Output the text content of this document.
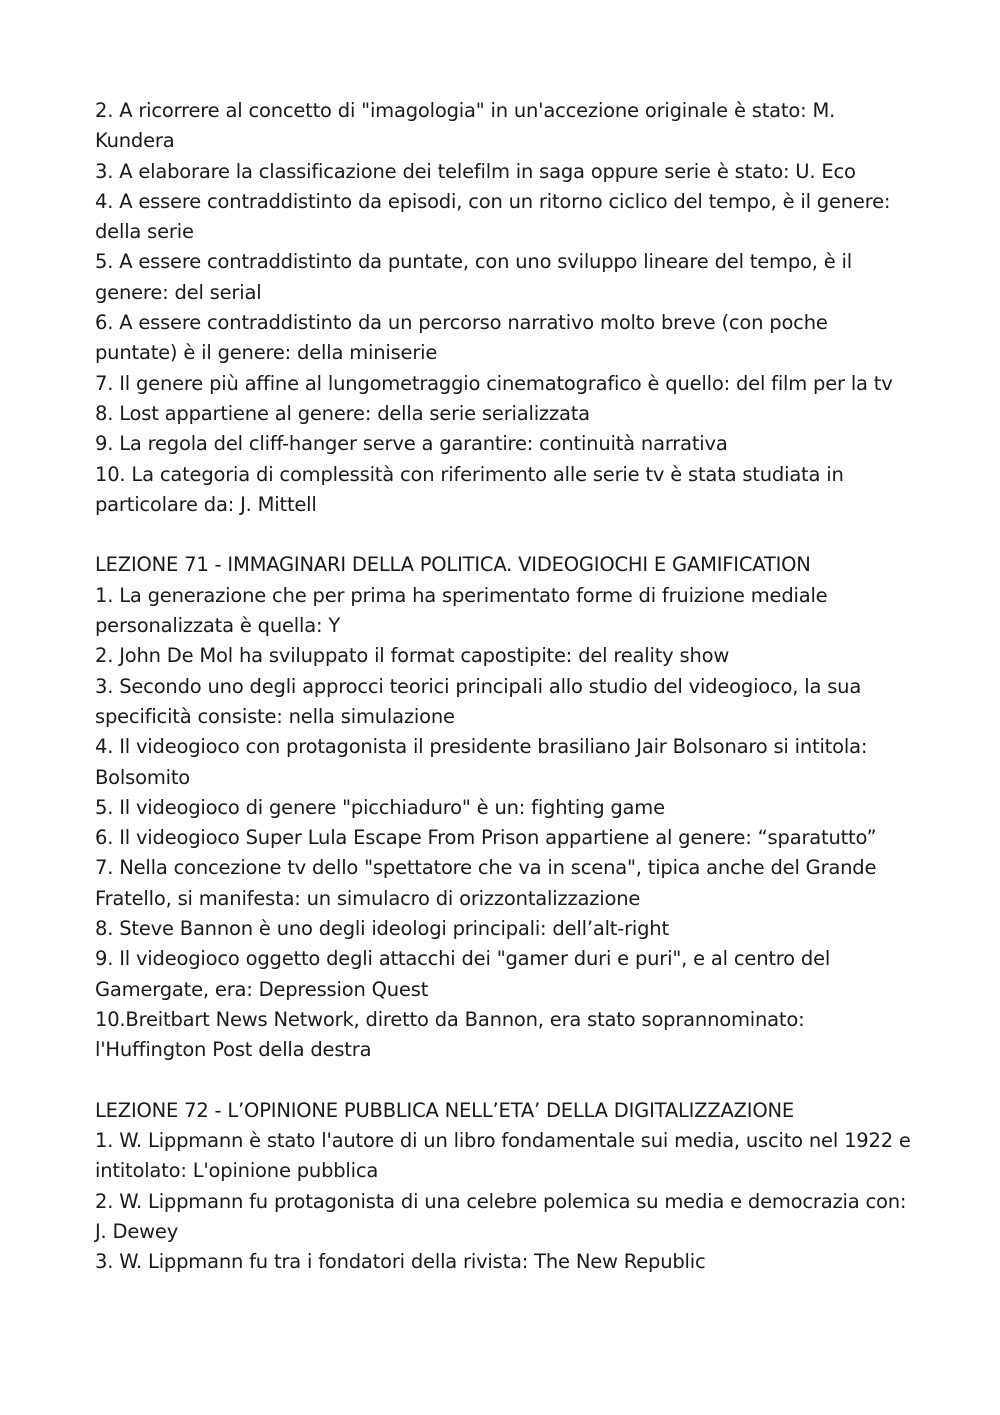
2. A ricorrere al concetto di "imagologia" in un'accezione originale è stato: M. Kundera

3. A elaborare la classificazione dei telefilm in saga oppure serie è stato: U. Eco

4. A essere contraddistinto da episodi, con un ritorno ciclico del tempo, è il genere: della serie

5. A essere contraddistinto da puntate, con uno sviluppo lineare del tempo, è il genere: del serial

6. A essere contraddistinto da un percorso narrativo molto breve (con poche puntate) è il genere: della miniserie

7. Il genere più affine al lungometraggio cinematografico è quello: del film per la tv

8. Lost appartiene al genere: della serie serializzata

9. La regola del cliff-hanger serve a garantire: continuità narrativa

10. La categoria di complessità con riferimento alle serie tv è stata studiata in particolare da: J. Mittell

LEZIONE 71 - IMMAGINARI DELLA POLITICA. VIDEOGIOCHI E GAMIFICATION

1. La generazione che per prima ha sperimentato forme di fruizione mediale personalizzata è quella: Y

2. John De Mol ha sviluppato il format capostipite: del reality show

3. Secondo uno degli approcci teorici principali allo studio del videogioco, la sua specificità consiste: nella simulazione

4. Il videogioco con protagonista il presidente brasiliano Jair Bolsonaro si intitola: Bolsomito

5. Il videogioco di genere "picchiaduro" è un: fighting game

6. Il videogioco Super Lula Escape From Prison appartiene al genere: “sparatutto”

7. Nella concezione tv dello "spettatore che va in scena", tipica anche del Grande Fratello, si manifesta: un simulacro di orizzontalizzazione

8. Steve Bannon è uno degli ideologi principali: dell’alt-right

9. Il videogioco oggetto degli attacchi dei "gamer duri e puri", e al centro del Gamergate, era: Depression Quest

10.Breitbart News Network, diretto da Bannon, era stato soprannominato: l'Huffington Post della destra

LEZIONE 72 - L’OPINIONE PUBBLICA NELL’ETA’ DELLA DIGITALIZZAZIONE

1. W. Lippmann è stato l'autore di un libro fondamentale sui media, uscito nel 1922 e intitolato: L'opinione pubblica

2. W. Lippmann fu protagonista di una celebre polemica su media e democrazia con: J. Dewey

3. W. Lippmann fu tra i fondatori della rivista: The New Republic
